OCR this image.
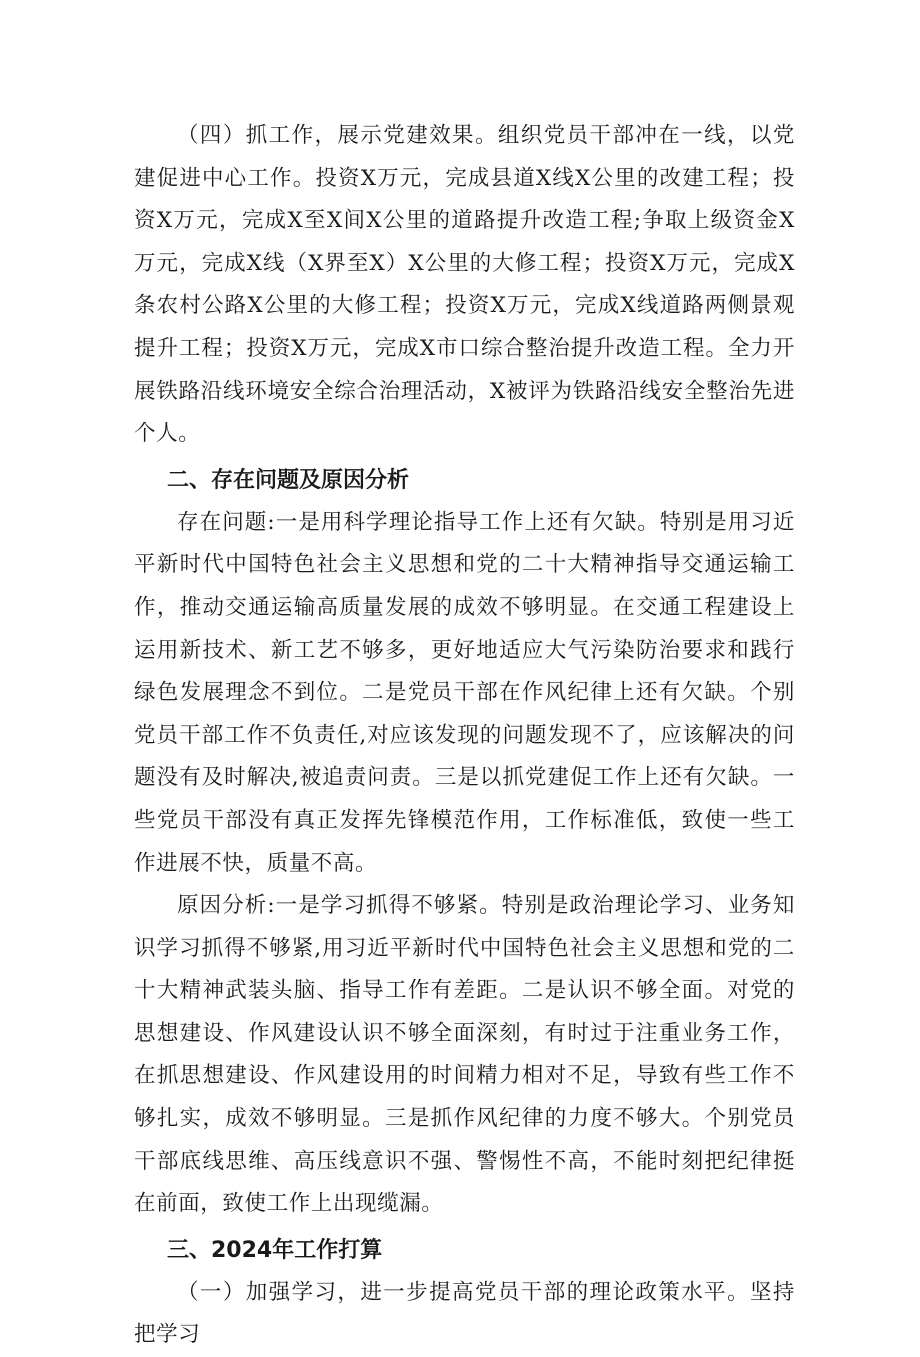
（四）抓工作，展示党建效果。组织党员干部冲在一线，以党建促进中心工作。投资X万元，完成县道X线X公里的改建工程；投资X万元，完成X至X间X公里的道路提升改造工程;争取上级资金X万元，完成X线（X界至X）X公里的大修工程；投资X万元，完成X条农村公路X公里的大修工程；投资X万元，完成X线道路两侧景观提升工程；投资X万元，完成X市口综合整治提升改造工程。全力开展铁路沿线环境安全综合治理活动，X被评为铁路沿线安全整治先进个人。

二、存在问题及原因分析

存在问题:一是用科学理论指导工作上还有欠缺。特别是用习近平新时代中国特色社会主义思想和党的二十大精神指导交通运输工作，推动交通运输高质量发展的成效不够明显。在交通工程建设上运用新技术、新工艺不够多，更好地适应大气污染防治要求和践行绿色发展理念不到位。二是党员干部在作风纪律上还有欠缺。个别党员干部工作不负责任,对应该发现的问题发现不了，应该解决的问题没有及时解决,被追责问责。三是以抓党建促工作上还有欠缺。一些党员干部没有真正发挥先锋模范作用，工作标准低，致使一些工作进展不快，质量不高。

原因分析:一是学习抓得不够紧。特别是政治理论学习、业务知识学习抓得不够紧,用习近平新时代中国特色社会主义思想和党的二十大精神武装头脑、指导工作有差距。二是认识不够全面。对党的思想建设、作风建设认识不够全面深刻，有时过于注重业务工作，在抓思想建设、作风建设用的时间精力相对不足，导致有些工作不够扎实，成效不够明显。三是抓作风纪律的力度不够大。个别党员干部底线思维、高压线意识不强、警惕性不高，不能时刻把纪律挺在前面，致使工作上出现缆漏。

三、2024年工作打算

（一）加强学习，进一步提高党员干部的理论政策水平。坚持把学习
